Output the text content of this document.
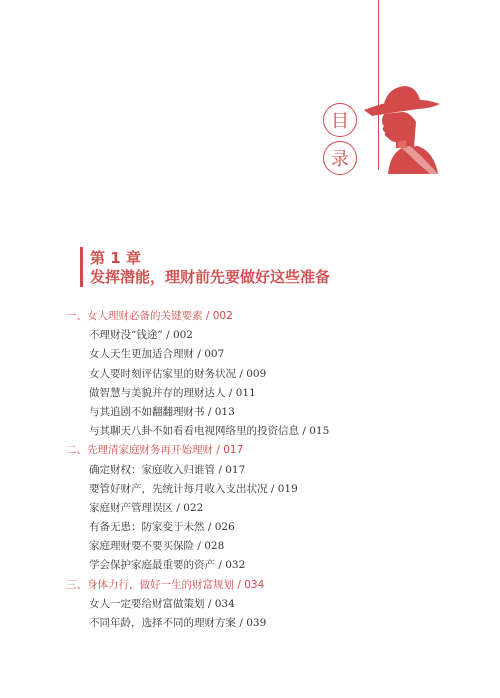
目
录
第 1 章
发挥潜能，理财前先要做好这些准备
一、女人理财必备的关键要素 / 002
不理财没“钱途” / 002
女人天生更加适合理财 / 007
女人要时刻评估家里的财务状况 / 009
做智慧与美貌并存的理财达人 / 011
与其追剧不如翻翻理财书 / 013
与其聊天八卦不如看看电视网络里的投资信息 / 015
二、先理清家庭财务再开始理财 / 017
确定财权：家庭收入归谁管 / 017
要管好财产，先统计每月收入支出状况 / 019
家庭财产管理误区 / 022
有备无患：防家变于未然 / 026
家庭理财要不要买保险 / 028
学会保护家庭最重要的资产 / 032
三、身体力行，做好一生的财富规划 / 034
女人一定要给财富做策划 / 034
不同年龄，选择不同的理财方案 / 039
